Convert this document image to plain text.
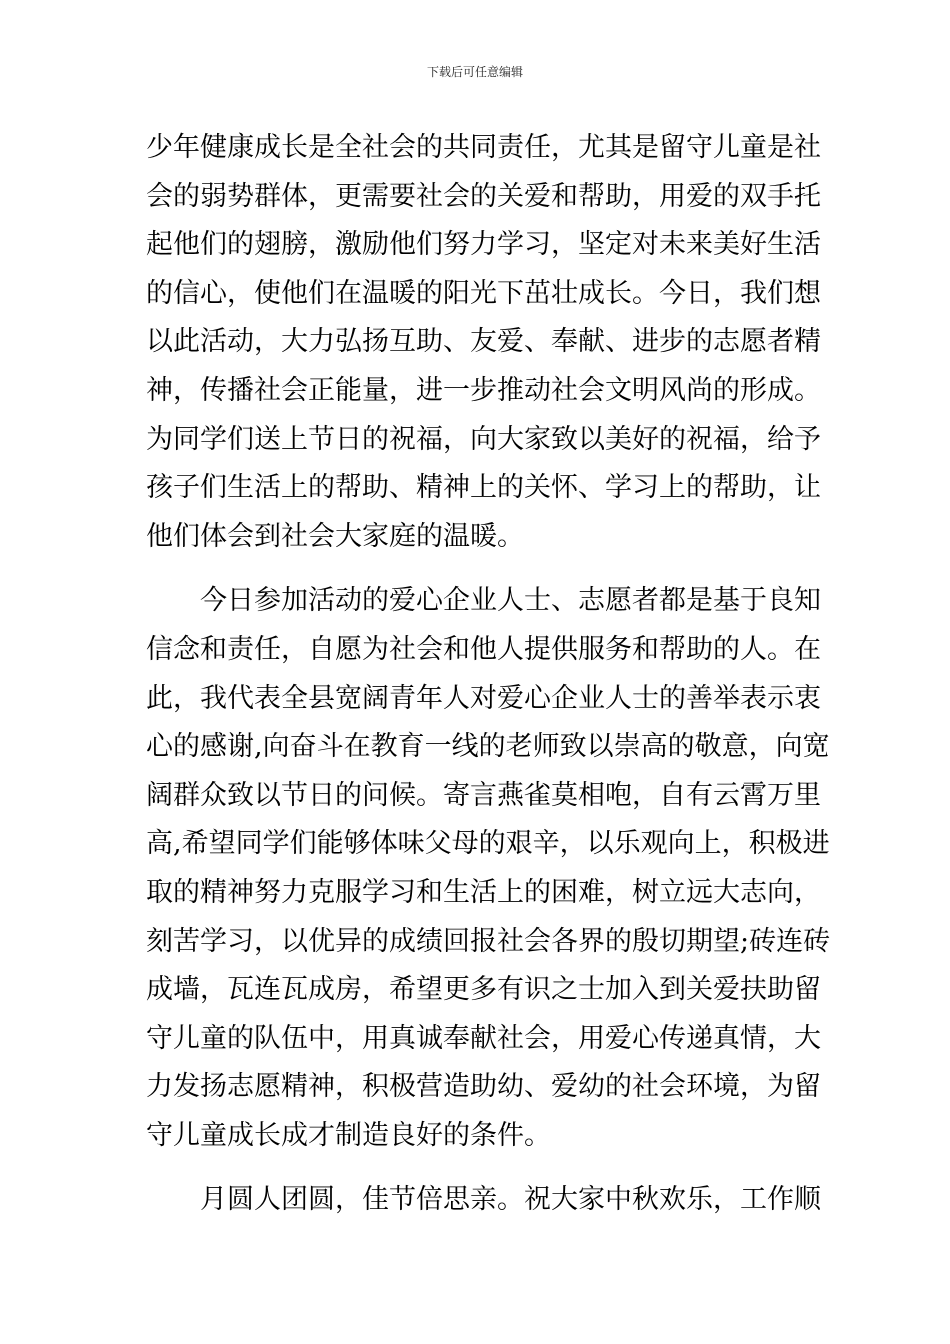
下载后可任意编辑
少年健康成长是全社会的共同责任，尤其是留守儿童是社
会的弱势群体，更需要社会的关爱和帮助，用爱的双手托
起他们的翅膀，激励他们努力学习，坚定对未来美好生活
的信心，使他们在温暖的阳光下茁壮成长。今日，我们想
以此活动，大力弘扬互助、友爱、奉献、进步的志愿者精
神，传播社会正能量，进一步推动社会文明风尚的形成。
为同学们送上节日的祝福，向大家致以美好的祝福，给予
孩子们生活上的帮助、精神上的关怀、学习上的帮助，让
他们体会到社会大家庭的温暖。
今日参加活动的爱心企业人士、志愿者都是基于良知
信念和责任，自愿为社会和他人提供服务和帮助的人。在
此，我代表全县宽阔青年人对爱心企业人士的善举表示衷
心的感谢,向奋斗在教育一线的老师致以崇高的敬意，向宽
阔群众致以节日的问候。寄言燕雀莫相咆，自有云霄万里
高,希望同学们能够体味父母的艰辛，以乐观向上，积极进
取的精神努力克服学习和生活上的困难，树立远大志向，
刻苦学习，以优异的成绩回报社会各界的殷切期望;砖连砖
成墙，瓦连瓦成房，希望更多有识之士加入到关爱扶助留
守儿童的队伍中，用真诚奉献社会，用爱心传递真情，大
力发扬志愿精神，积极营造助幼、爱幼的社会环境，为留
守儿童成长成才制造良好的条件。
月圆人团圆，佳节倍思亲。祝大家中秋欢乐，工作顺
